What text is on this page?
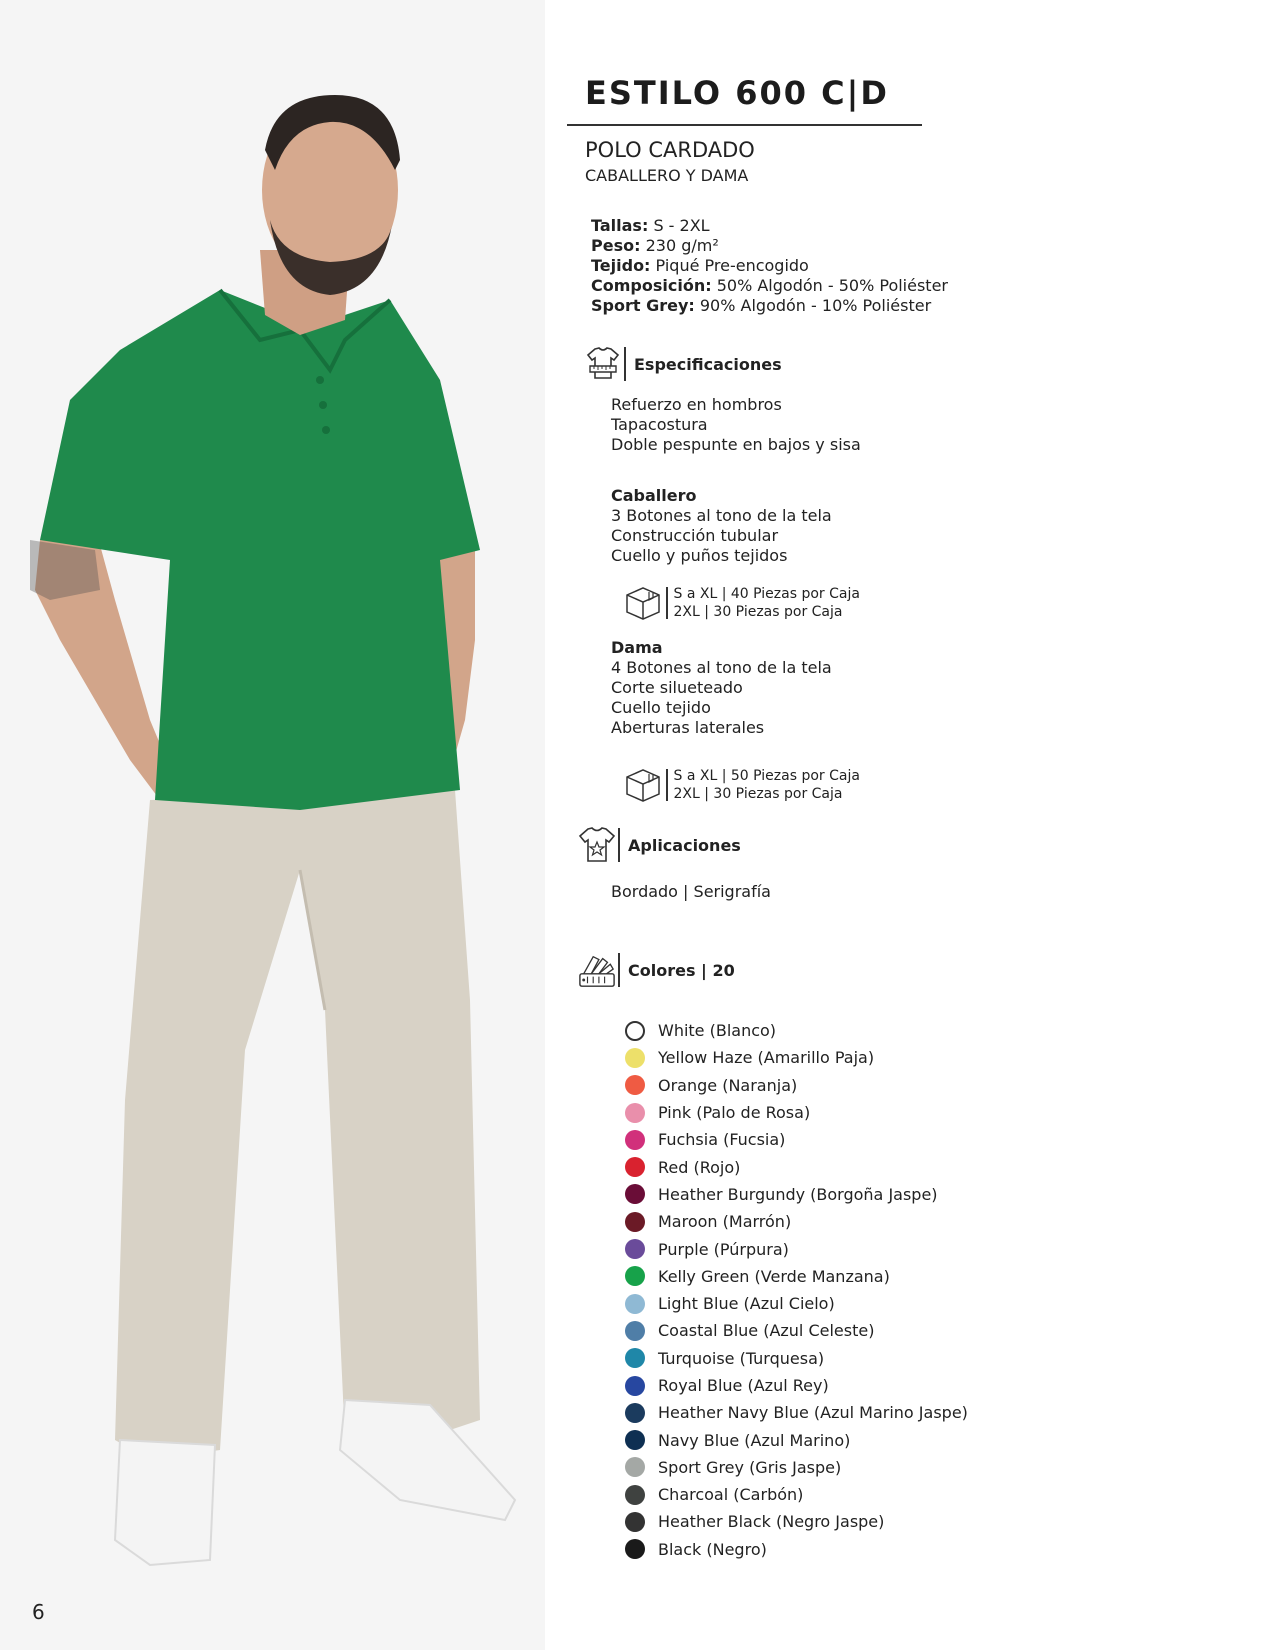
6
ESTILO 600 C|D
POLO CARDADO
CABALLERO Y DAMA
Tallas: S - 2XL
Peso: 230 g/m²
Tejido: Piqué Pre-encogido
Composición: 50% Algodón - 50% Poliéster
Sport Grey: 90% Algodón - 10% Poliéster
Especificaciones
Refuerzo en hombros
Tapacostura
Doble pespunte en bajos y sisa
Caballero
3 Botones al tono de la tela
Construcción tubular
Cuello y puños tejidos
S a XL | 40 Piezas por Caja
2XL | 30 Piezas por Caja
Dama
4 Botones al tono de la tela
Corte silueteado
Cuello tejido
Aberturas laterales
S a XL | 50 Piezas por Caja
2XL | 30 Piezas por Caja
Aplicaciones
Bordado | Serigrafía
Colores | 20
White (Blanco)
Yellow Haze (Amarillo Paja)
Orange (Naranja)
Pink (Palo de Rosa)
Fuchsia (Fucsia)
Red (Rojo)
Heather Burgundy (Borgoña Jaspe)
Maroon (Marrón)
Purple (Púrpura)
Kelly Green (Verde Manzana)
Light Blue (Azul Cielo)
Coastal Blue (Azul Celeste)
Turquoise (Turquesa)
Royal Blue (Azul Rey)
Heather Navy Blue (Azul Marino Jaspe)
Navy Blue (Azul Marino)
Sport Grey (Gris Jaspe)
Charcoal (Carbón)
Heather Black (Negro Jaspe)
Black (Negro)
